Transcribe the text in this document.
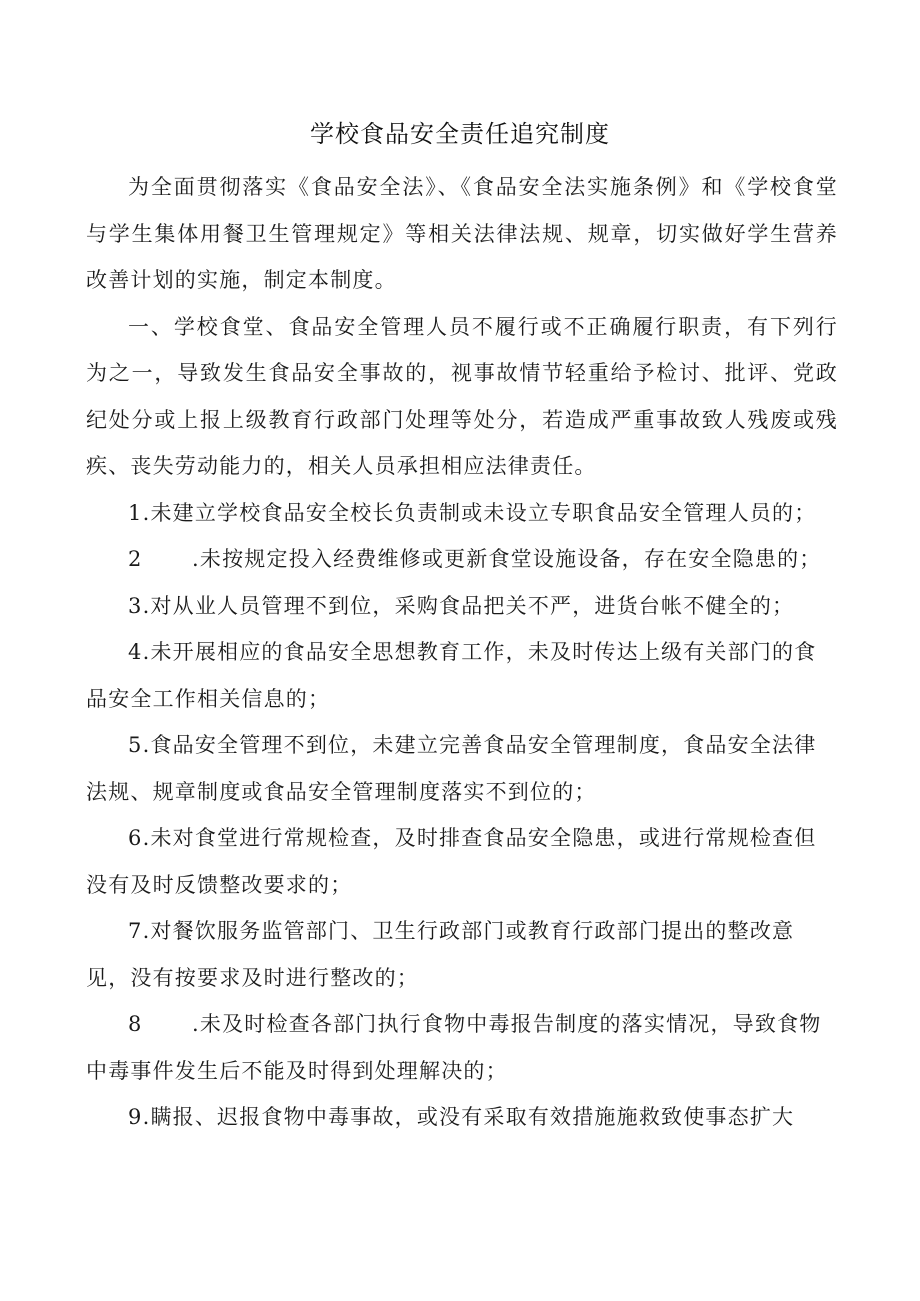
学校食品安全责任追究制度

为全面贯彻落实《食品安全法》、《食品安全法实施条例》和《学校食堂与学生集体用餐卫生管理规定》等相关法律法规、规章，切实做好学生营养改善计划的实施，制定本制度。

一、学校食堂、食品安全管理人员不履行或不正确履行职责，有下列行为之一，导致发生食品安全事故的，视事故情节轻重给予检讨、批评、党政纪处分或上报上级教育行政部门处理等处分，若造成严重事故致人残废或残疾、丧失劳动能力的，相关人员承担相应法律责任。

1.未建立学校食品安全校长负责制或未设立专职食品安全管理人员的；

2 .未按规定投入经费维修或更新食堂设施设备，存在安全隐患的；

3.对从业人员管理不到位，采购食品把关不严，进货台帐不健全的；

4.未开展相应的食品安全思想教育工作，未及时传达上级有关部门的食品安全工作相关信息的；

5.食品安全管理不到位，未建立完善食品安全管理制度，食品安全法律法规、规章制度或食品安全管理制度落实不到位的；

6.未对食堂进行常规检查，及时排查食品安全隐患，或进行常规检查但没有及时反馈整改要求的；

7.对餐饮服务监管部门、卫生行政部门或教育行政部门提出的整改意见，没有按要求及时进行整改的；

8 .未及时检查各部门执行食物中毒报告制度的落实情况，导致食物中毒事件发生后不能及时得到处理解决的；

9.瞒报、迟报食物中毒事故，或没有采取有效措施施救致使事态扩大
